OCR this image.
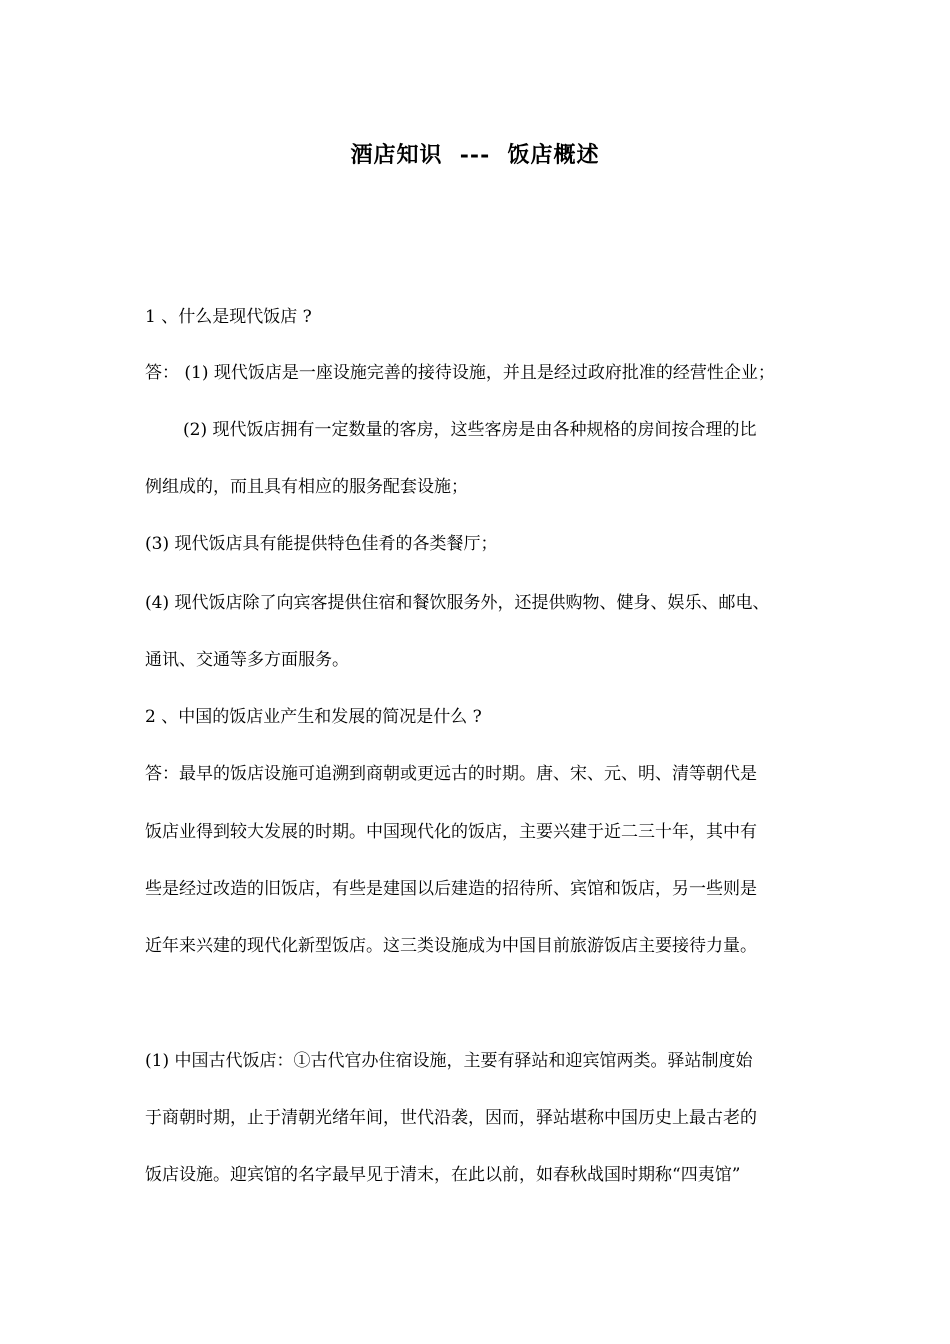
酒店知识  ---  饭店概述
1 、什么是现代饭店 ?
答： (1) 现代饭店是一座设施完善的接待设施，并且是经过政府批准的经营性企业；
(2) 现代饭店拥有一定数量的客房，这些客房是由各种规格的房间按合理的比
例组成的，而且具有相应的服务配套设施；
(3) 现代饭店具有能提供特色佳肴的各类餐厅；
(4) 现代饭店除了向宾客提供住宿和餐饮服务外，还提供购物、健身、娱乐、邮电、
通讯、交通等多方面服务。
2 、中国的饭店业产生和发展的简况是什么 ?
答：最早的饭店设施可追溯到商朝或更远古的时期。唐、宋、元、明、清等朝代是
饭店业得到较大发展的时期。中国现代化的饭店，主要兴建于近二三十年，其中有
些是经过改造的旧饭店，有些是建国以后建造的招待所、宾馆和饭店，另一些则是
近年来兴建的现代化新型饭店。这三类设施成为中国目前旅游饭店主要接待力量。
(1) 中国古代饭店：①古代官办住宿设施，主要有驿站和迎宾馆两类。驿站制度始
于商朝时期，止于清朝光绪年间，世代沿袭，因而，驿站堪称中国历史上最古老的
饭店设施。迎宾馆的名字最早见于清末，在此以前，如春秋战国时期称“四夷馆”
